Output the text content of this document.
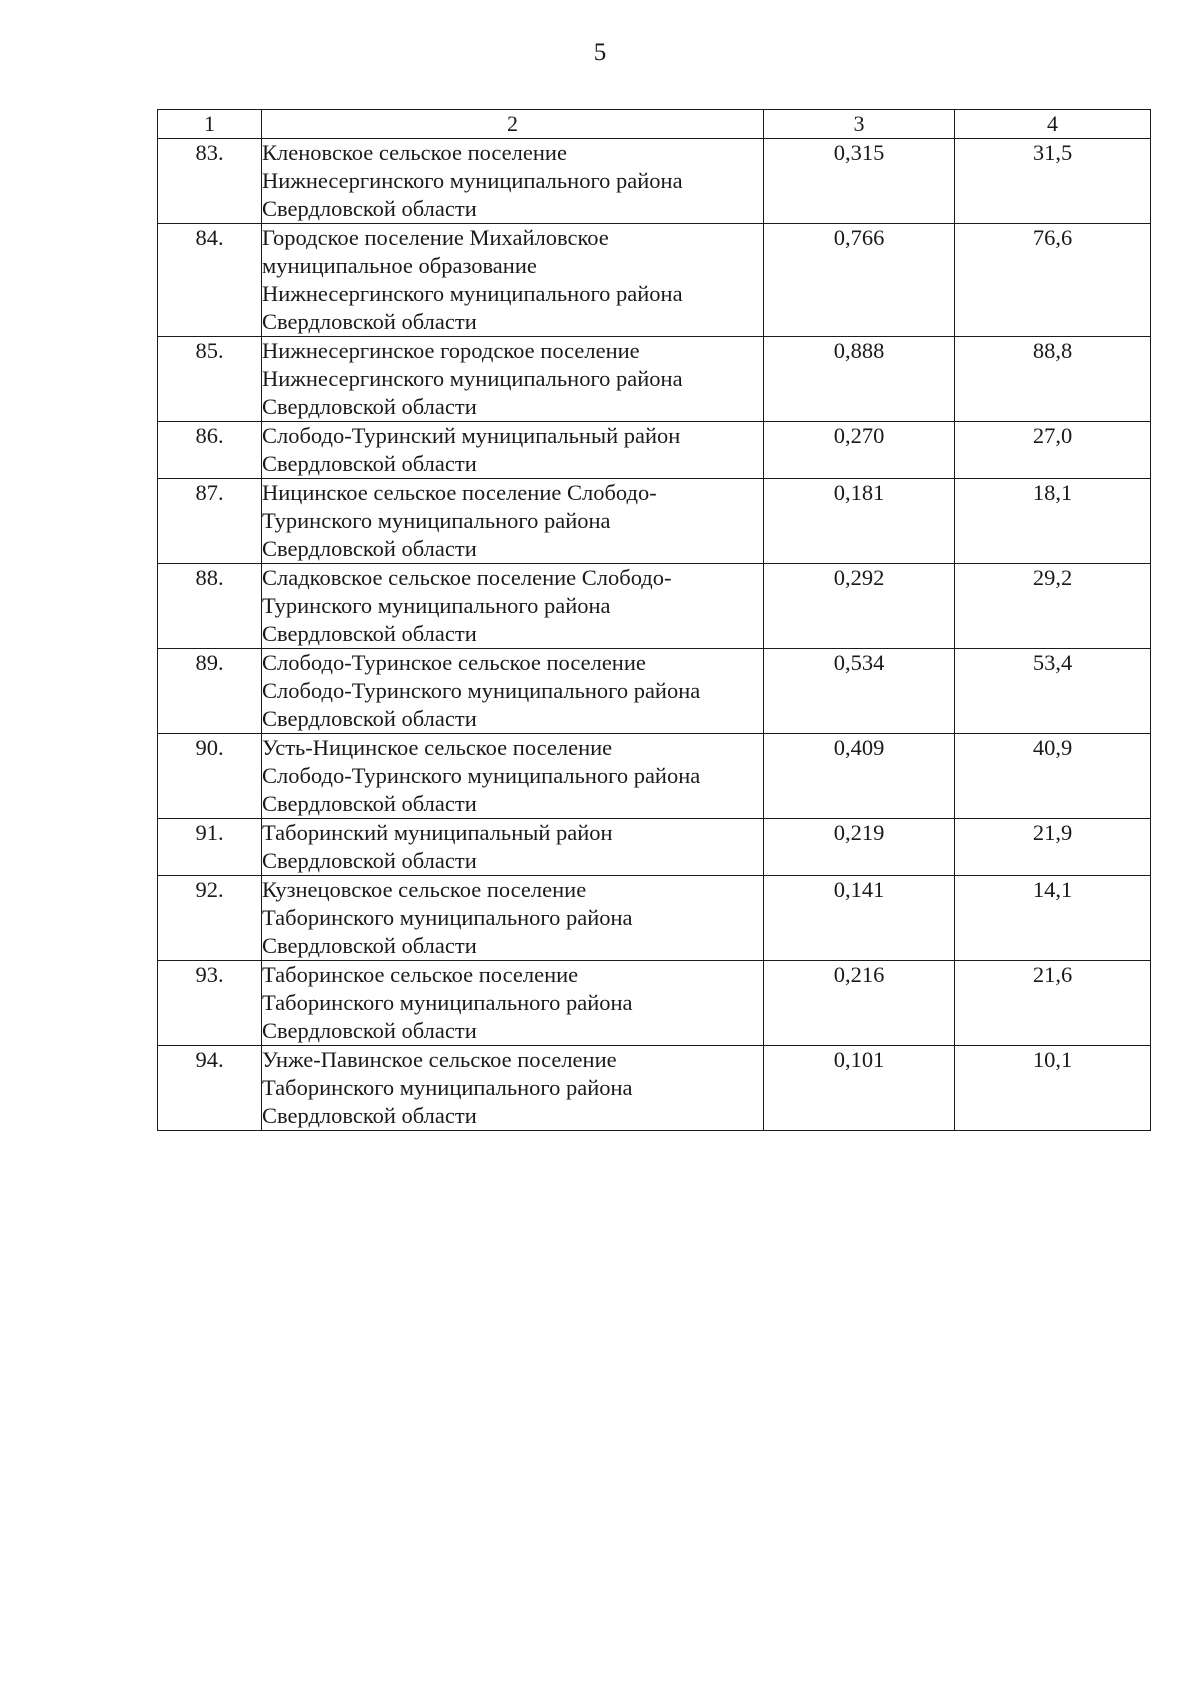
5
1	2	3	4
83.	Кленовское сельское поселение
Нижнесергинского муниципального района
Свердловской области	0,315	31,5
84.	Городское поселение Михайловское
муниципальное образование
Нижнесергинского муниципального района
Свердловской области	0,766	76,6
85.	Нижнесергинское городское поселение
Нижнесергинского муниципального района
Свердловской области	0,888	88,8
86.	Слободо-Туринский муниципальный район
Свердловской области	0,270	27,0
87.	Ницинское сельское поселение Слободо-
Туринского муниципального района
Свердловской области	0,181	18,1
88.	Сладковское сельское поселение Слободо-
Туринского муниципального района
Свердловской области	0,292	29,2
89.	Слободо-Туринское сельское поселение
Слободо-Туринского муниципального района
Свердловской области	0,534	53,4
90.	Усть-Ницинское сельское поселение
Слободо-Туринского муниципального района
Свердловской области	0,409	40,9
91.	Таборинский муниципальный район
Свердловской области	0,219	21,9
92.	Кузнецовское сельское поселение
Таборинского муниципального района
Свердловской области	0,141	14,1
93.	Таборинское сельское поселение
Таборинского муниципального района
Свердловской области	0,216	21,6
94.	Унже-Павинское сельское поселение
Таборинского муниципального района
Свердловской области	0,101	10,1
